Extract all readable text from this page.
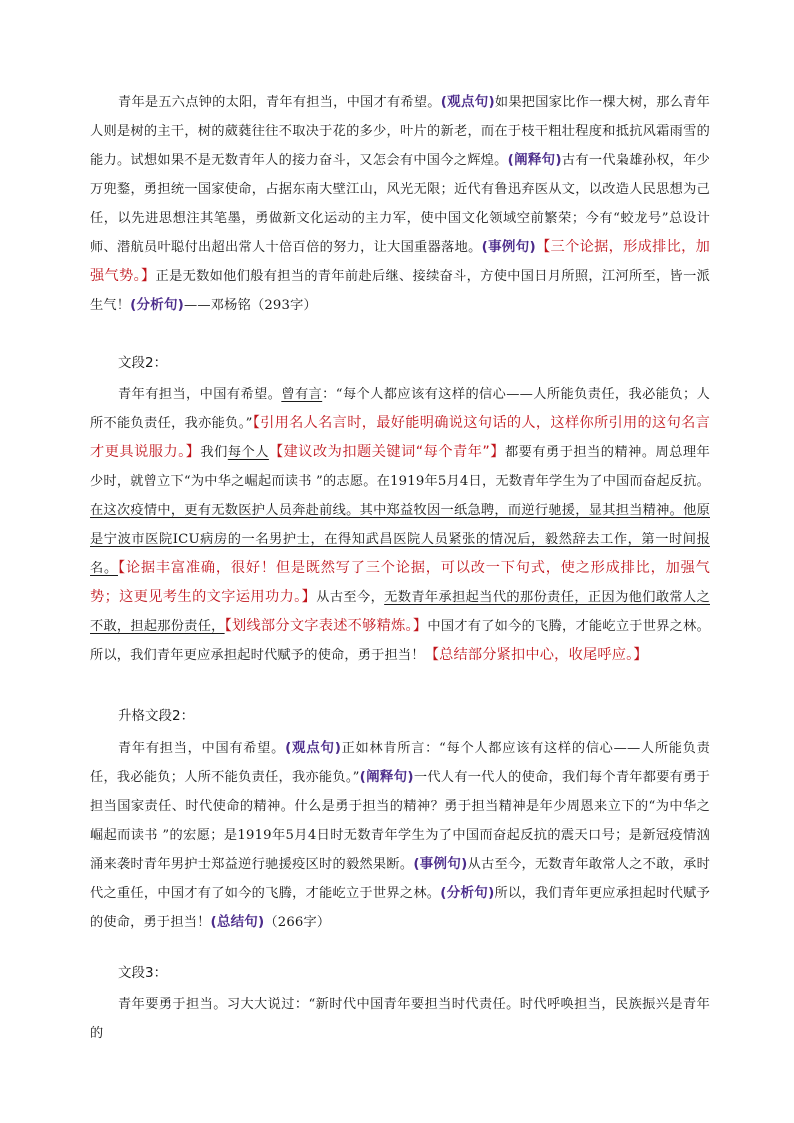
青年是五六点钟的太阳，青年有担当，中国才有希望。(观点句)如果把国家比作一棵大树，那么青年人则是树的主干，树的葳蕤往往不取决于花的多少，叶片的新老，而在于枝干粗壮程度和抵抗风霜雨雪的能力。试想如果不是无数青年人的接力奋斗，又怎会有中国今之辉煌。(阐释句)古有一代枭雄孙权，年少万兜鍪，勇担统一国家使命，占据东南大壁江山，风光无限；近代有鲁迅弃医从文，以改造人民思想为己任，以先进思想注其笔墨，勇做新文化运动的主力军，使中国文化领域空前繁荣；今有“蛟龙号”总设计师、潜航员叶聪付出超出常人十倍百倍的努力，让大国重器落地。(事例句)【三个论据，形成排比，加强气势。】正是无数如他们般有担当的青年前赴后继、接续奋斗，方使中国日月所照，江河所至，皆一派生气！(分析句)——邓杨铭（293字）
文段2：
青年有担当，中国有希望。曾有言：“每个人都应该有这样的信心——人所能负责任，我必能负；人所不能负责任，我亦能负。”【引用名人名言时，最好能明确说这句话的人，这样你所引用的这句名言才更具说服力。】我们每个人【建议改为扣题关键词“每个青年”】都要有勇于担当的精神。周总理年少时，就曾立下“为中华之崛起而读书 ”的志愿。在1919年5月4日，无数青年学生为了中国而奋起反抗。在这次疫情中，更有无数医护人员奔赴前线。其中郑益牧因一纸急聘，而逆行驰援，显其担当精神。他原是宁波市医院ICU病房的一名男护士，在得知武昌医院人员紧张的情况后，毅然辞去工作，第一时间报名。【论据丰富准确，很好！但是既然写了三个论据，可以改一下句式，使之形成排比，加强气势；这更见考生的文字运用功力。】从古至今，无数青年承担起当代的那份责任，正因为他们敢常人之不敢，担起那份责任，【划线部分文字表述不够精炼。】中国才有了如今的飞腾，才能屹立于世界之林。所以，我们青年更应承担起时代赋予的使命，勇于担当！【总结部分紧扣中心，收尾呼应。】
升格文段2：
青年有担当，中国有希望。(观点句)正如林肯所言：“每个人都应该有这样的信心——人所能负责任，我必能负；人所不能负责任，我亦能负。”(阐释句)一代人有一代人的使命，我们每个青年都要有勇于担当国家责任、时代使命的精神。什么是勇于担当的精神？勇于担当精神是年少周恩来立下的“为中华之崛起而读书 ”的宏愿；是1919年5月4日时无数青年学生为了中国而奋起反抗的震天口号；是新冠疫情汹涌来袭时青年男护士郑益逆行驰援疫区时的毅然果断。(事例句)从古至今，无数青年敢常人之不敢，承时代之重任，中国才有了如今的飞腾，才能屹立于世界之林。(分析句)所以，我们青年更应承担起时代赋予的使命，勇于担当！(总结句)（266字）
文段3：
青年要勇于担当。习大大说过：“新时代中国青年要担当时代责任。时代呼唤担当，民族振兴是青年的
